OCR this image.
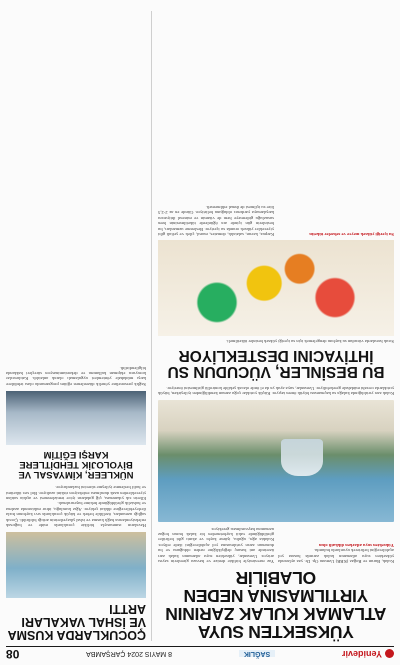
Yenidevir
SAĞLIK
8 MAYIS 2024 ÇARŞAMBA
08
YÜKSEKTEN SUYA ATLAMAK KULAK ZARININ YIRTILMASINA NEDEN OLABİLİR
Kulak, Burun ve Boğaz (KBB) Uzmanı Op. Dr. yaz aylarında yüksekten suya atlamanın kulak zarında hasara yol açabileceğini belirterek uyarılarda bulundu.
Yüksekten suya atlarken dikkatli olun
Yaz mevsimiyle birlikte denize ve havuza girenlerin sayısı artıyor. Uzmanlar, yüksekten suya atlamanın kulak zarı üzerinde ani basınç değişikliğine neden olduğunu ve bu durumun zarın yırtılmasına yol açabileceğini ifade ediyor. Kulakta ağrı, uğultu, işitme kaybı ve akıntı gibi belirtiler görüldüğünde vakit kaybetmeden bir kulak burun boğaz uzmanına başvurulması gerekiyor.
Kulak zarı yırtıldığında kulağa su kaçmaması büyük önem taşıyor. Küçük yırtıklar çoğu zaman kendiliğinden iyileşirken, büyük yırtıklarda cerrahi müdahale gerekebiliyor. Uzmanlar, suya ayak ya da el önde olacak şekilde kontrollü girilmesini öneriyor.
BU BESİNLER, VÜCUDUN SU İHTİYACINI DESTEKLİYOR
Sıcak havalarda vücudun su kaybını dengelemek için su içeriği yüksek besinler tüketilmeli.
Su içeriği yüksek meyve ve sebzeler tüketin
Karpuz, kavun, salatalık, domates, marul, çilek ve şeftali gibi yiyecekler yüksek oranda su içeriyor. Beslenme uzmanları, bu besinlerin gün içinde ara öğünlerde tüketilmesinin hem susuzluğu gidermeye hem de vitamin ve mineral ihtiyacını karşılamaya yardımcı olduğunu belirtiyor. Günde en az 2-2,5 litre su içilmesi de ihmal edilmemeli.
ÇOCUKLARDA KUSMA VE İSHAL VAKALARI ARTTI
Havaların ısınmasıyla birlikte çocuklarda mide ve bağırsak enfeksiyonlarına bağlı kusma ve ishal şikayetlerinin arttığı bildirildi. Çocuk sağlığı uzmanları, özellikle bebek ve küçük çocuklarda sıvı kaybının hızla ilerleyebileceğine dikkat çekiyor. Ağız kuruluğu, idrar miktarında azalma ve halsizlik görüldüğünde hekime başvurulmalı.
Ellerin sık yıkanması, çiğ gıdaların iyice temizlenmesi ve açıkta satılan yiyeceklerden uzak durulması enfeksiyon riskini azaltıyor. Bol sıvı tüketimi ve hafif beslenme iyileşme sürecini hızlandırıyor.
NÜKLEER, KİMYASAL VE BİYOLOJİK TEHDİTLERE KARŞI EĞİTİM
Sağlık personeline yönelik düzenlenen eğitim programında olası tehditlere karşı müdahale yöntemleri uygulamalı olarak anlatıldı. Katılımcılar koruyucu ekipman kullanımı ve dekontaminasyon süreçleri hakkında bilgilendirildi.
